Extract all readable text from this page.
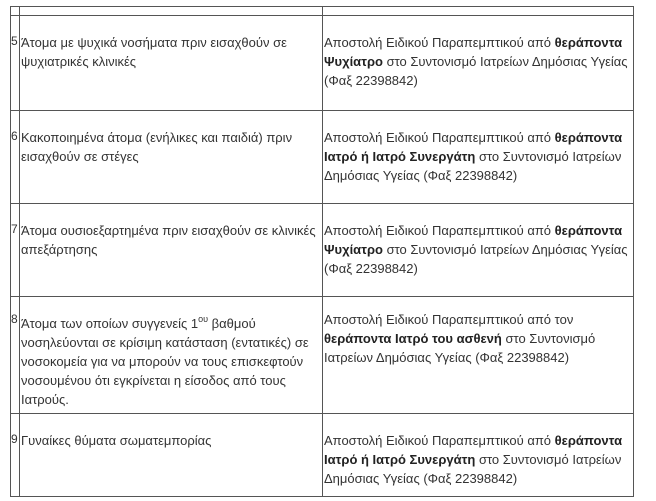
5	Άτομα με ψυχικά νοσήματα πριν εισαχθούν σε ψυχιατρικές κλινικές	Αποστολή Ειδικού Παραπεμπτικού από θεράποντα Ψυχίατρο στο Συντονισμό Ιατρείων Δημόσιας Υγείας (Φαξ 22398842)

6	Κακοποιημένα άτομα (ενήλικες και παιδιά) πριν εισαχθούν σε στέγες	Αποστολή Ειδικού Παραπεμπτικού από θεράποντα Ιατρό ή Ιατρό Συνεργάτη στο Συντονισμό Ιατρείων Δημόσιας Υγείας (Φαξ 22398842)

7	Άτομα ουσιοεξαρτημένα πριν εισαχθούν σε κλινικές απεξάρτησης	Αποστολή Ειδικού Παραπεμπτικού από θεράποντα Ψυχίατρο στο Συντονισμό Ιατρείων Δημόσιας Υγείας (Φαξ 22398842)

8	Άτομα των οποίων συγγενείς $1^{o\upsilon}$ βαθμού νοσηλεύονται σε κρίσιμη κατάσταση (εντατικές) σε νοσοκομεία για να μπορούν να τους επισκεφτούν νοσουμένου ότι εγκρίνεται η είσοδος από τους Ιατρούς.	Αποστολή Ειδικού Παραπεμπτικού από τον θεράποντα Ιατρό του ασθενή στο Συντονισμό Ιατρείων Δημόσιας Υγείας (Φαξ 22398842)

9	Γυναίκες θύματα σωματεμπορίας	Αποστολή Ειδικού Παραπεμπτικού από θεράποντα Ιατρό ή Ιατρό Συνεργάτη στο Συντονισμό Ιατρείων Δημόσιας Υγείας (Φαξ 22398842)
